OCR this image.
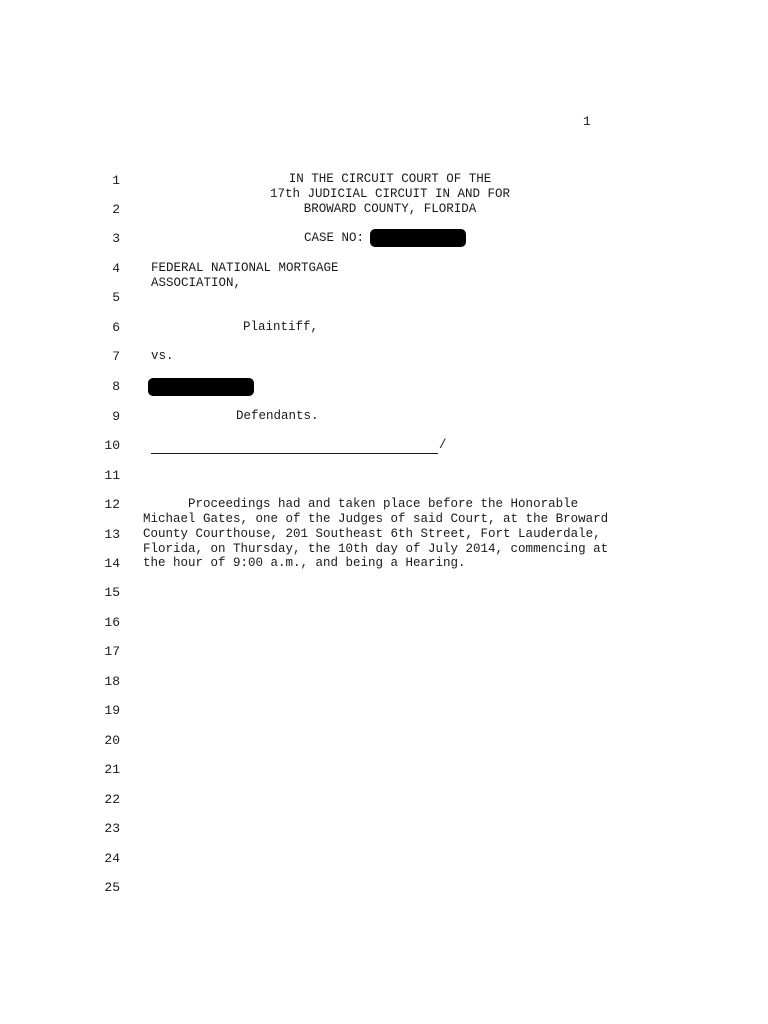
1
1
2
3
4
5
6
7
8
9
10
11
12
13
14
15
16
17
18
19
20
21
22
23
24
25
IN THE CIRCUIT COURT OF THE
17th JUDICIAL CIRCUIT IN AND FOR
BROWARD COUNTY, FLORIDA
CASE NO:
FEDERAL NATIONAL MORTGAGE
ASSOCIATION,
Plaintiff,
vs.
Defendants.
/
Proceedings had and taken place before the Honorable
Michael Gates, one of the Judges of said Court, at the Broward
County Courthouse, 201 Southeast 6th Street, Fort Lauderdale,
Florida, on Thursday, the 10th day of July 2014, commencing at
the hour of 9:00 a.m., and being a Hearing.
